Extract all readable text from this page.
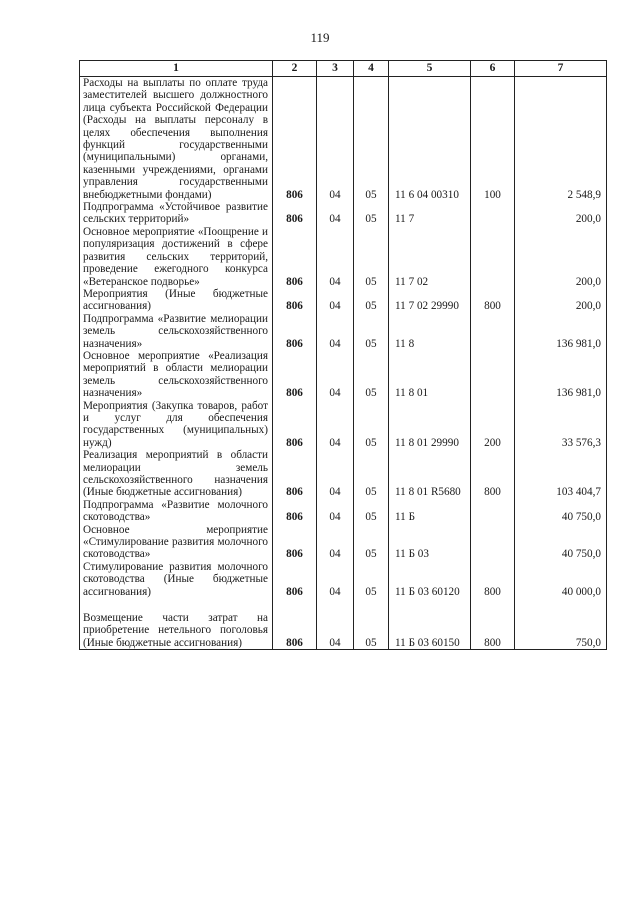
119
1	2	3	4	5	6	7
Расходы на выплаты по оплате труда заместителей высшего должностного лица субъекта Российской Федерации (Расходы на выплаты персоналу в целях обеспечения выполнения функций государственными (муниципальными) органами, казенными учреждениями, органами управления государственными внебюджетными фондами)	806	04	05	11 6 04 00310	100	2 548,9
Подпрограмма «Устойчивое развитие сельских территорий»	806	04	05	11 7		200,0
Основное мероприятие «Поощрение и популяризация достижений в сфере развития сельских территорий, проведение ежегодного конкурса «Ветеранское подворье»	806	04	05	11 7 02		200,0
Мероприятия (Иные бюджетные ассигнования)	806	04	05	11 7 02 29990	800	200,0
Подпрограмма «Развитие мелиорации земель сельскохозяйственного назначения»	806	04	05	11 8		136 981,0
Основное мероприятие «Реализация мероприятий в области мелиорации земель сельскохозяйственного назначения»	806	04	05	11 8 01		136 981,0
Мероприятия (Закупка товаров, работ и услуг для обеспечения государственных (муниципальных) нужд)	806	04	05	11 8 01 29990	200	33 576,3
Реализация мероприятий в области мелиорации земель сельскохозяйственного назначения (Иные бюджетные ассигнования)	806	04	05	11 8 01 R5680	800	103 404,7
Подпрограмма «Развитие молочного скотоводства»	806	04	05	11 Б		40 750,0
Основное мероприятие «Стимулирование развития молочного скотоводства»	806	04	05	11 Б 03		40 750,0
Стимулирование развития молочного скотоводства (Иные бюджетные ассигнования)	806	04	05	11 Б 03 60120	800	40 000,0
Возмещение части затрат на приобретение нетельного поголовья (Иные бюджетные ассигнования)	806	04	05	11 Б 03 60150	800	750,0
